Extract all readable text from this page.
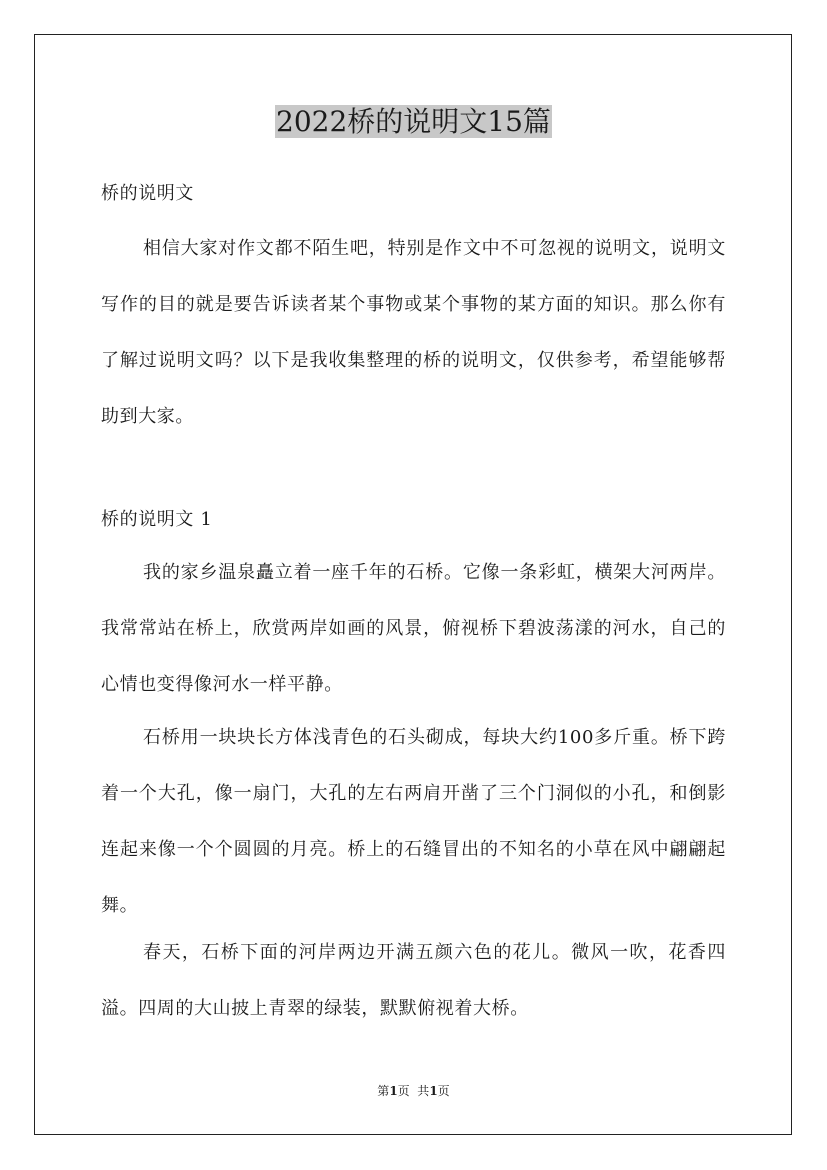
2022桥的说明文15篇

桥的说明文

相信大家对作文都不陌生吧，特别是作文中不可忽视的说明文，说明文写作的目的就是要告诉读者某个事物或某个事物的某方面的知识。那么你有了解过说明文吗？以下是我收集整理的桥的说明文，仅供参考，希望能够帮助到大家。

桥的说明文 1

我的家乡温泉矗立着一座千年的石桥。它像一条彩虹，横架大河两岸。我常常站在桥上，欣赏两岸如画的风景，俯视桥下碧波荡漾的河水，自己的心情也变得像河水一样平静。

石桥用一块块长方体浅青色的石头砌成，每块大约100多斤重。桥下跨着一个大孔，像一扇门，大孔的左右两肩开凿了三个门洞似的小孔，和倒影连起来像一个个圆圆的月亮。桥上的石缝冒出的不知名的小草在风中翩翩起舞。

春天，石桥下面的河岸两边开满五颜六色的花儿。微风一吹，花香四溢。四周的大山披上青翠的绿装，默默俯视着大桥。

第1页  共1页
